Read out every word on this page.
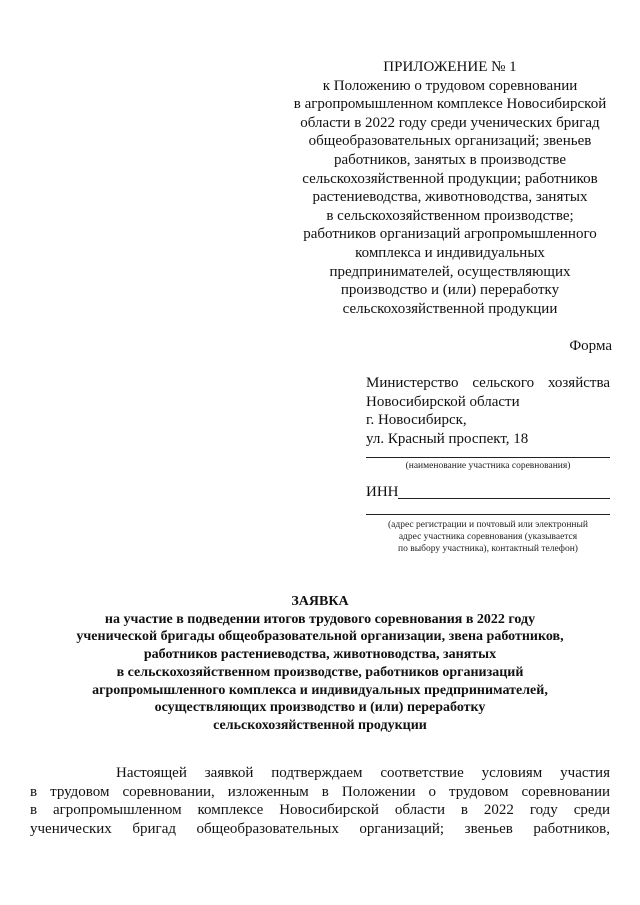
ПРИЛОЖЕНИЕ № 1
к Положению о трудовом соревновании
в агропромышленном комплексе Новосибирской
области в 2022 году среди ученических бригад
общеобразовательных организаций; звеньев
работников, занятых в производстве
сельскохозяйственной продукции; работников
растениеводства, животноводства, занятых
в сельскохозяйственном производстве;
работников организаций агропромышленного
комплекса и индивидуальных
предпринимателей, осуществляющих
производство и (или) переработку
сельскохозяйственной продукции
Форма
Министерство сельского хозяйства
Новосибирской области
г. Новосибирск,
ул. Красный проспект, 18
(наименование участника соревнования)
ИНН
(адрес регистрации и почтовый или электронный
адрес участника соревнования (указывается
по выбору участника), контактный телефон)
ЗАЯВКА
на участие в подведении итогов трудового соревнования в 2022 году
ученической бригады общеобразовательной организации, звена работников,
работников растениеводства, животноводства, занятых
в сельскохозяйственном производстве, работников организаций
агропромышленного комплекса и индивидуальных предпринимателей,
осуществляющих производство и (или) переработку
сельскохозяйственной продукции
Настоящей заявкой подтверждаем соответствие условиям участия
в трудовом соревновании, изложенным в Положении о трудовом соревновании
в агропромышленном комплексе Новосибирской области в 2022 году среди
ученических бригад общеобразовательных организаций; звеньев работников,
